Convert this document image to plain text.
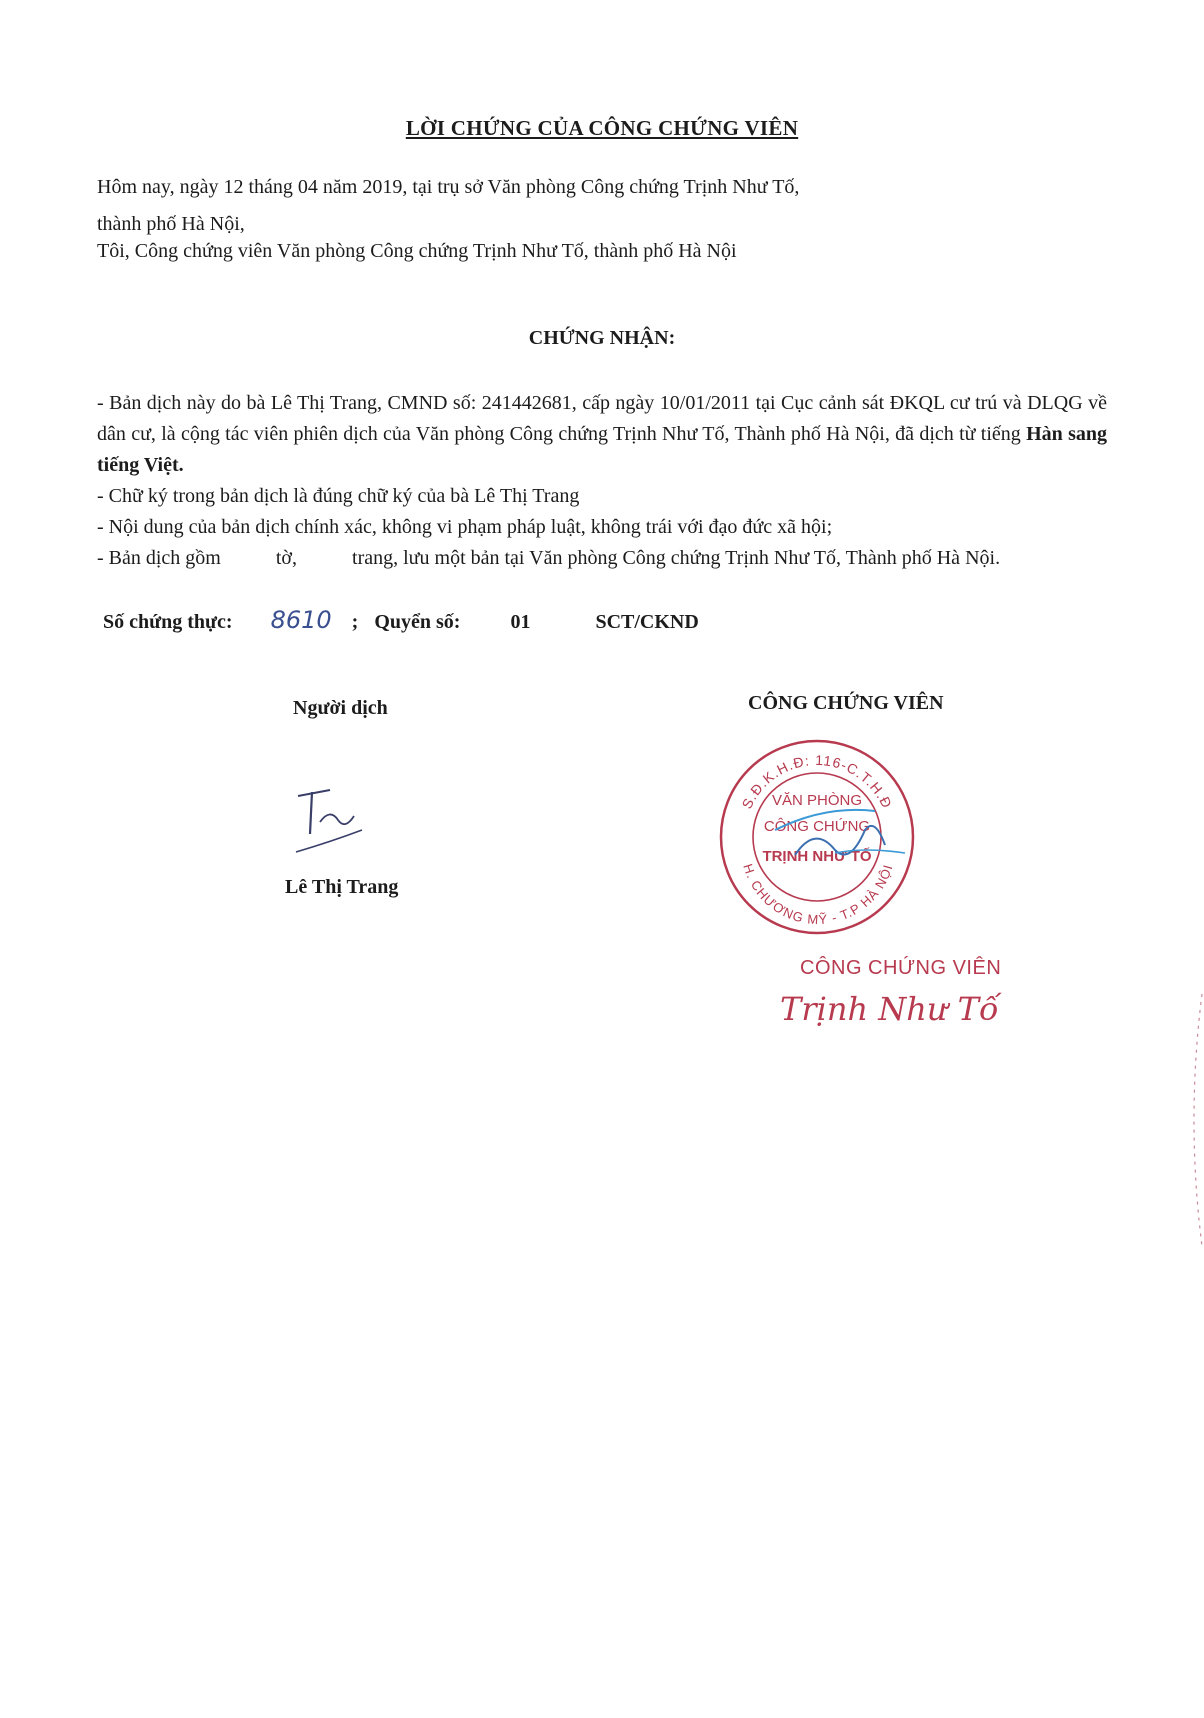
LỜI CHỨNG CỦA CÔNG CHỨNG VIÊN
Hôm nay, ngày 12 tháng 04 năm 2019, tại trụ sở Văn phòng Công chứng Trịnh Như Tố,
thành phố Hà Nội,
Tôi, Công chứng viên Văn phòng Công chứng Trịnh Như Tố, thành phố Hà Nội
CHỨNG NHẬN:

- Bản dịch này do bà Lê Thị Trang, CMND số: 241442681, cấp ngày 10/01/2011 tại Cục cảnh sát ĐKQL cư trú và DLQG về dân cư, là cộng tác viên phiên dịch của Văn phòng Công chứng Trịnh Như Tố, Thành phố Hà Nội, đã dịch từ tiếng Hàn sang tiếng Việt.

- Chữ ký trong bản dịch là đúng chữ ký của bà Lê Thị Trang

- Nội dung của bản dịch chính xác, không vi phạm pháp luật, không trái với đạo đức xã hội;

- Bản dịch gồm	tờ,	trang, lưu một bản tại Văn phòng Công chứng Trịnh Như Tố, Thành phố Hà Nội.

Số chứng thực: 8610 ; Quyển số:	01	SCT/CKND
Người dịch	CÔNG CHỨNG VIÊN
Trg
Lê Thị Trang
S.Đ.K.H.Đ: 116-C.T.H.Đ
H. CHƯƠNG MỸ - T.P HÀ NỘI
VĂN PHÒNG
CÔNG CHỨNG
TRỊNH NHƯ TỐ
CÔNG CHỨNG VIÊN
Trịnh Như Tố
